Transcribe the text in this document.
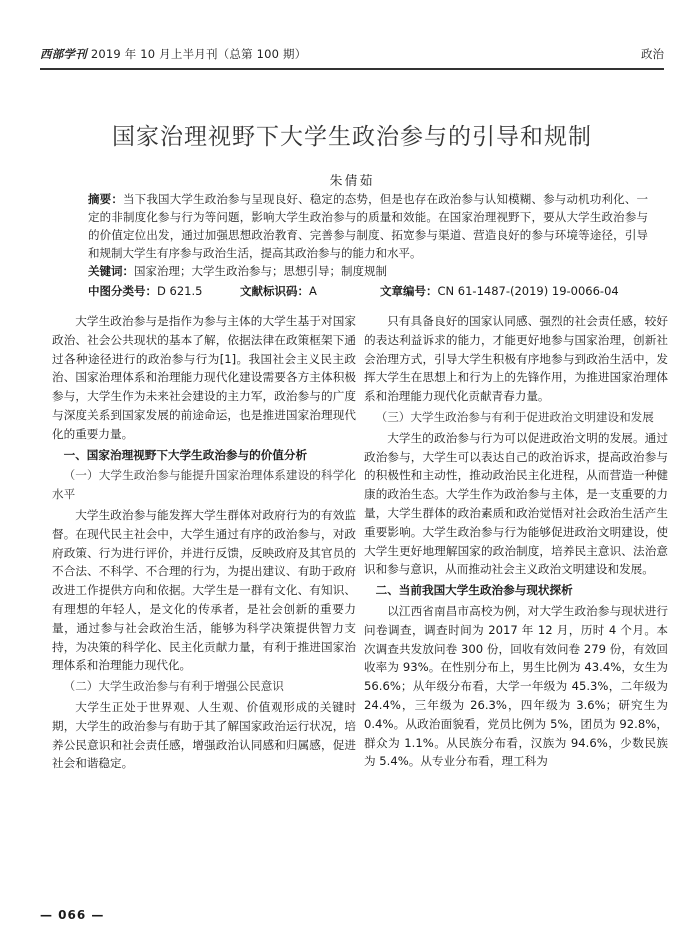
西部学刊 2019 年 10 月上半月刊（总第 100 期）	政治
国家治理视野下大学生政治参与的引导和规制
朱倩茹
摘要：当下我国大学生政治参与呈现良好、稳定的态势，但是也存在政治参与认知模糊、参与动机功利化、一定的非制度化参与行为等问题，影响大学生政治参与的质量和效能。在国家治理视野下，要从大学生政治参与的价值定位出发，通过加强思想政治教育、完善参与制度、拓宽参与渠道、营造良好的参与环境等途径，引导和规制大学生有序参与政治生活，提高其政治参与的能力和水平。
关键词：国家治理；大学生政治参与；思想引导；制度规制
中图分类号：D 621.5	文献标识码：A	文章编号：CN 61-1487-(2019) 19-0066-04

大学生政治参与是指作为参与主体的大学生基于对国家政治、社会公共现状的基本了解，依据法律在政策框架下通过各种途径进行的政治参与行为[1]。我国社会主义民主政治、国家治理体系和治理能力现代化建设需要各方主体积极参与，大学生作为未来社会建设的主力军，政治参与的广度与深度关系到国家发展的前途命运，也是推进国家治理现代化的重要力量。

一、国家治理视野下大学生政治参与的价值分析
（一）大学生政治参与能提升国家治理体系建设的科学化水平

大学生政治参与能发挥大学生群体对政府行为的有效监督。在现代民主社会中，大学生通过有序的政治参与，对政府政策、行为进行评价，并进行反馈，反映政府及其官员的不合法、不科学、不合理的行为，为提出建议、有助于政府改进工作提供方向和依据。大学生是一群有文化、有知识、有理想的年轻人，是文化的传承者，是社会创新的重要力量，通过参与社会政治生活，能够为科学决策提供智力支持，为决策的科学化、民主化贡献力量，有利于推进国家治理体系和治理能力现代化。

（二）大学生政治参与有利于增强公民意识

大学生正处于世界观、人生观、价值观形成的关键时期，大学生的政治参与有助于其了解国家政治运行状况，培养公民意识和社会责任感，增强政治认同感和归属感，促进社会和谐稳定。

只有具备良好的国家认同感、强烈的社会责任感，较好的表达利益诉求的能力，才能更好地参与国家治理，创新社会治理方式，引导大学生积极有序地参与到政治生活中，发挥大学生在思想上和行为上的先锋作用，为推进国家治理体系和治理能力现代化贡献青春力量。

（三）大学生政治参与有利于促进政治文明建设和发展

大学生的政治参与行为可以促进政治文明的发展。通过政治参与，大学生可以表达自己的政治诉求，提高政治参与的积极性和主动性，推动政治民主化进程，从而营造一种健康的政治生态。大学生作为政治参与主体，是一支重要的力量，大学生群体的政治素质和政治觉悟对社会政治生活产生重要影响。大学生政治参与行为能够促进政治文明建设，使大学生更好地理解国家的政治制度，培养民主意识、法治意识和参与意识，从而推动社会主义政治文明建设和发展。

二、当前我国大学生政治参与现状探析

以江西省南昌市高校为例，对大学生政治参与现状进行问卷调查，调查时间为 2017 年 12 月，历时 4 个月。本次调查共发放问卷 300 份，回收有效问卷 279 份，有效回收率为 93%。在性别分布上，男生比例为 43.4%，女生为 56.6%；从年级分布看，大学一年级为 45.3%，二年级为 24.4%，三年级为 26.3%，四年级为 3.6%；研究生为 0.4%。从政治面貌看，党员比例为 5%，团员为 92.8%，群众为 1.1%。从民族分布看，汉族为 94.6%，少数民族为 5.4%。从专业分布看，理工科为

— 066 —
